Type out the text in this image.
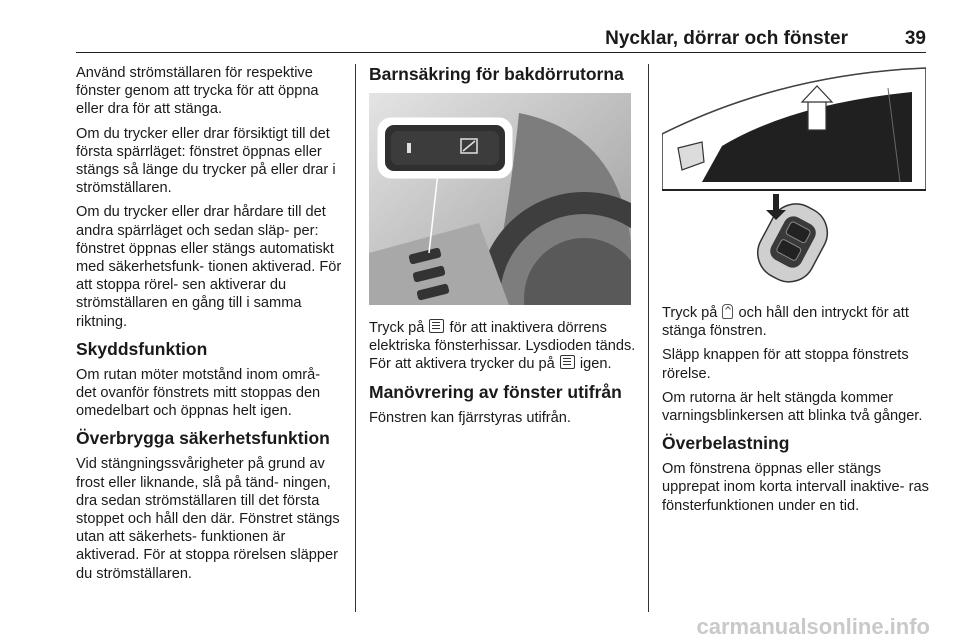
Nycklar, dörrar och fönster	39

Använd strömställaren för respektive fönster genom att trycka för att öppna eller dra för att stänga.

Om du trycker eller drar försiktigt till det första spärrläget: fönstret öppnas eller stängs så länge du trycker på eller drar i strömställaren.

Om du trycker eller drar hårdare till det andra spärrläget och sedan släp‐ per: fönstret öppnas eller stängs automatiskt med säkerhetsfunk‐ tionen aktiverad. För att stoppa rörel‐ sen aktiverar du strömställaren en gång till i samma riktning.

Skyddsfunktion

Om rutan möter motstånd inom områ‐ det ovanför fönstrets mitt stoppas den omedelbart och öppnas helt igen.

Överbrygga säkerhetsfunktion

Vid stängningssvårigheter på grund av frost eller liknande, slå på tänd‐ ningen, dra sedan strömställaren till det första stoppet och håll den där. Fönstret stängs utan att säkerhets‐ funktionen är aktiverad. För at stoppa rörelsen släpper du strömställaren.

Barnsäkring för bakdörrutorna

Tryck på för att inaktivera dörrens elektriska fönsterhissar. Lysdioden tänds. För att aktivera trycker du på igen.

Manövrering av fönster utifrån

Fönstren kan fjärrstyras utifrån.

Tryck på och håll den intryckt för att stänga fönstren.

Släpp knappen för att stoppa fönstrets rörelse.

Om rutorna är helt stängda kommer varningsblinkersen att blinka två gånger.

Överbelastning

Om fönstrena öppnas eller stängs upprepat inom korta intervall inaktive‐ ras fönsterfunktionen under en tid.

carmanualsonline.info
